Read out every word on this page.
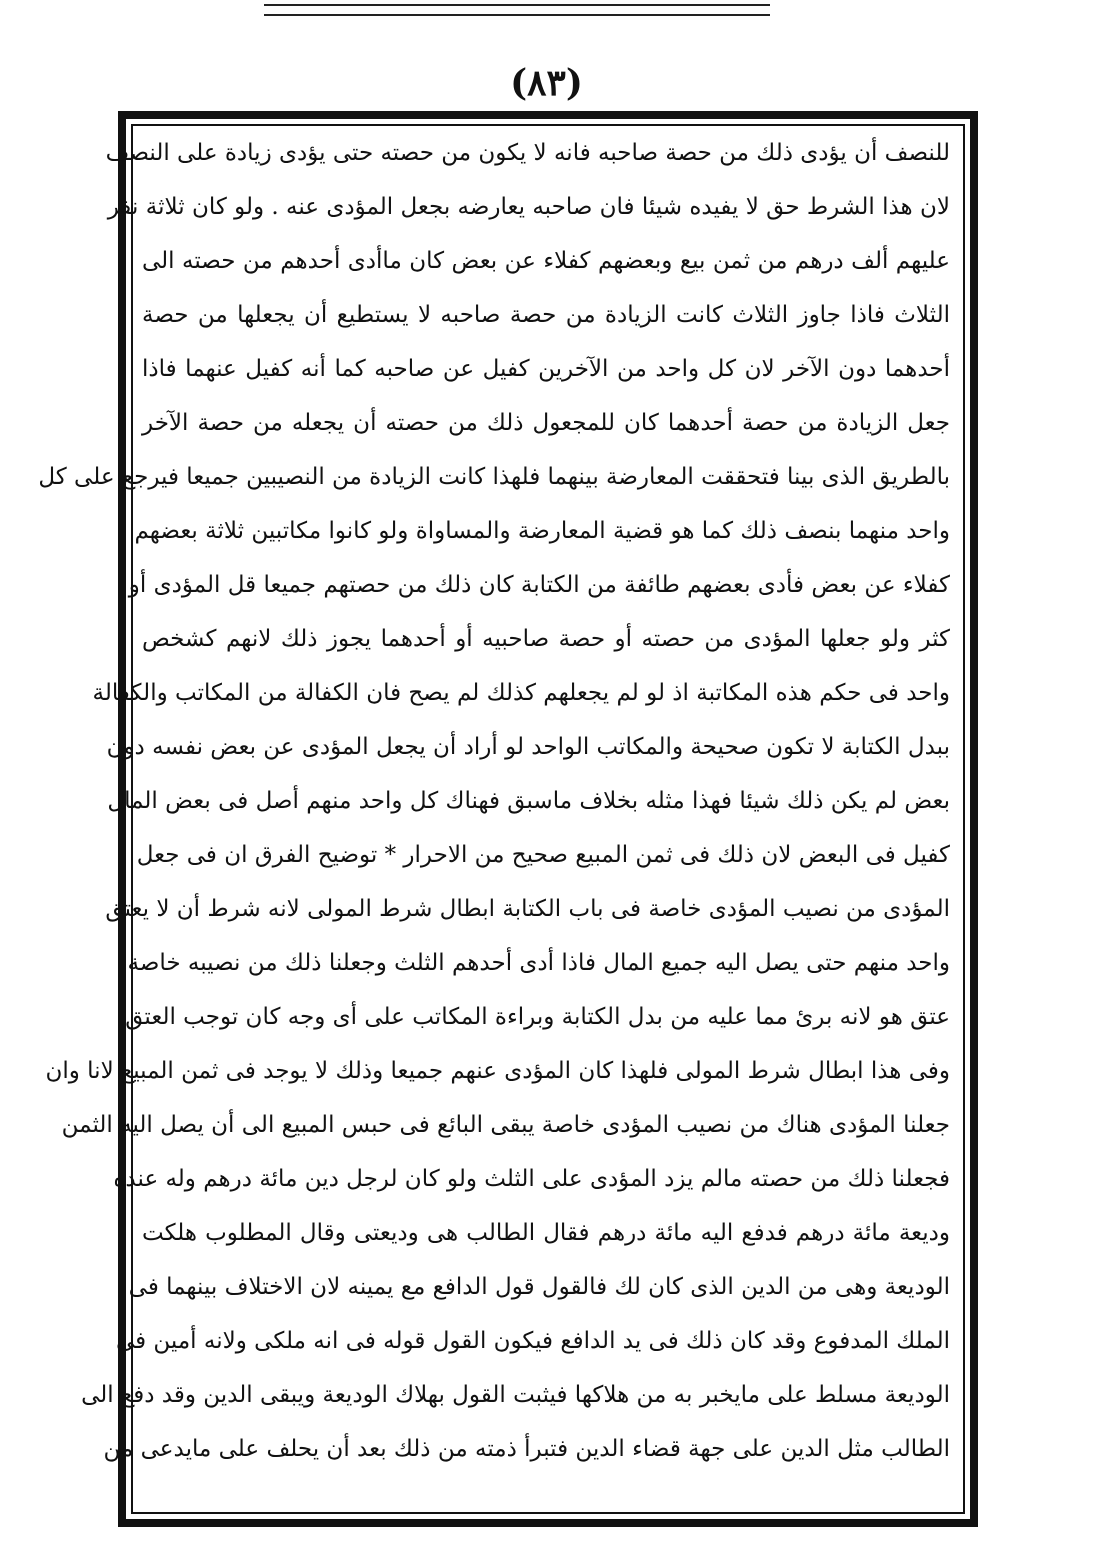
(٨٣)
للنصف أن يؤدى ذلك من حصة صاحبه فانه لا يكون من حصته حتى يؤدى زيادة على النصف
لان هذا الشرط حق لا يفيده شيئا فان صاحبه يعارضه بجعل المؤدى عنه . ولو كان ثلاثة نفر
عليهم ألف درهم من ثمن بيع وبعضهم كفلاء عن بعض كان ماأدى أحدهم من حصته الى
الثلاث فاذا جاوز الثلاث كانت الزيادة من حصة صاحبه لا يستطيع أن يجعلها من حصة
أحدهما دون الآخر لان كل واحد من الآخرين كفيل عن صاحبه كما أنه كفيل عنهما فاذا
جعل الزيادة من حصة أحدهما كان للمجعول ذلك من حصته أن يجعله من حصة الآخر
بالطريق الذى بينا فتحققت المعارضة بينهما فلهذا كانت الزيادة من النصيبين جميعا فيرجع على كل
واحد منهما بنصف ذلك كما هو قضية المعارضة والمساواة ولو كانوا مكاتبين ثلاثة بعضهم
كفلاء عن بعض فأدى بعضهم طائفة من الكتابة كان ذلك من حصتهم جميعا قل المؤدى أو
كثر ولو جعلها المؤدى من حصته أو حصة صاحبيه أو أحدهما يجوز ذلك لانهم كشخص
واحد فى حكم هذه المكاتبة اذ لو لم يجعلهم كذلك لم يصح فان الكفالة من المكاتب والكفالة
ببدل الكتابة لا تكون صحيحة والمكاتب الواحد لو أراد أن يجعل المؤدى عن بعض نفسه دون
بعض لم يكن ذلك شيئا فهذا مثله بخلاف ماسبق فهناك كل واحد منهم أصل فى بعض المال
كفيل فى البعض لان ذلك فى ثمن المبيع صحيح من الاحرار * توضيح الفرق ان فى جعل
المؤدى من نصيب المؤدى خاصة فى باب الكتابة ابطال شرط المولى لانه شرط أن لا يعتق
واحد منهم حتى يصل اليه جميع المال فاذا أدى أحدهم الثلث وجعلنا ذلك من نصيبه خاصة
عتق هو لانه برئ مما عليه من بدل الكتابة وبراءة المكاتب على أى وجه كان توجب العتق
وفى هذا ابطال شرط المولى فلهذا كان المؤدى عنهم جميعا وذلك لا يوجد فى ثمن المبيع لانا وان
جعلنا المؤدى هناك من نصيب المؤدى خاصة يبقى البائع فى حبس المبيع الى أن يصل اليه الثمن
فجعلنا ذلك من حصته مالم يزد المؤدى على الثلث ولو كان لرجل دين مائة درهم وله عنده
وديعة مائة درهم فدفع اليه مائة درهم فقال الطالب هى وديعتى وقال المطلوب هلكت
الوديعة وهى من الدين الذى كان لك فالقول قول الدافع مع يمينه لان الاختلاف بينهما فى
الملك المدفوع وقد كان ذلك فى يد الدافع فيكون القول قوله فى انه ملكى ولانه أمين فى
الوديعة مسلط على مايخبر به من هلاكها فيثبت القول بهلاك الوديعة ويبقى الدين وقد دفع الى
الطالب مثل الدين على جهة قضاء الدين فتبرأ ذمته من ذلك بعد أن يحلف على مايدعى من
